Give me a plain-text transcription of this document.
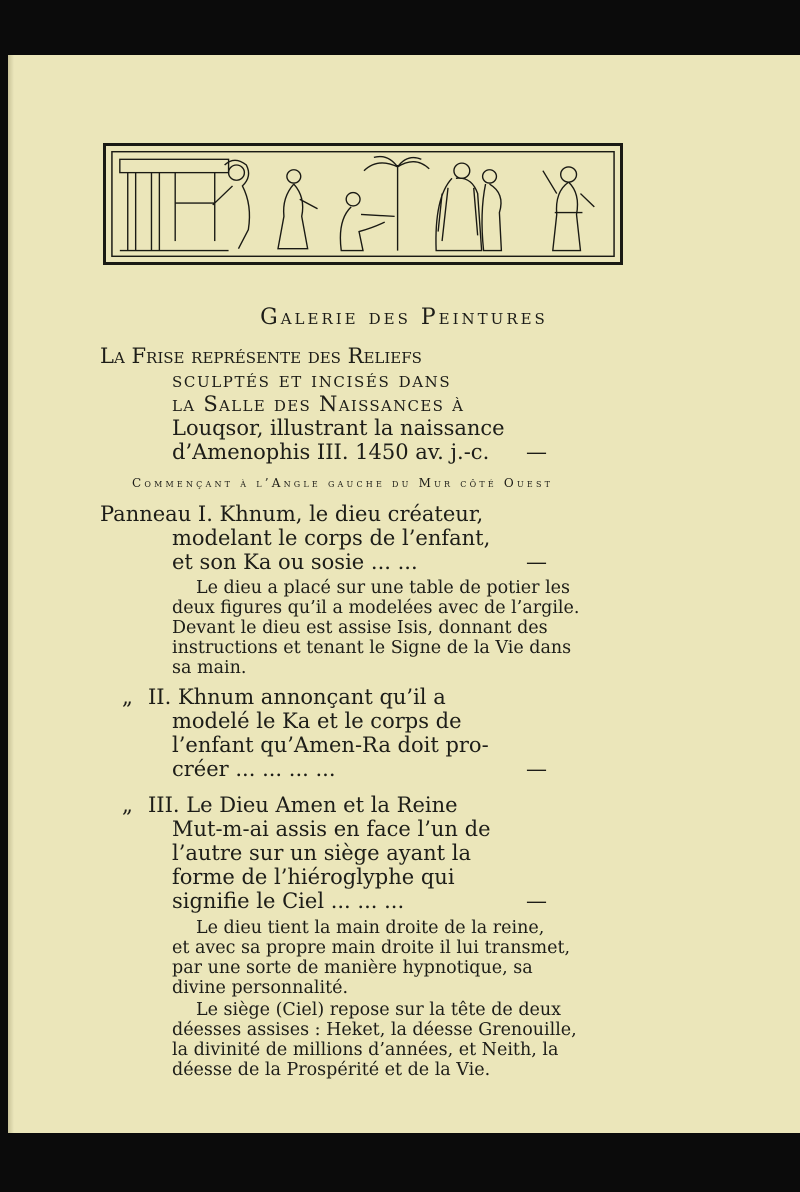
Galerie des Peintures
La Frise représente des Reliefs
sculptés et incisés dans
la Salle des Naissances à
Louqsor, illustrant la naissance
d’Amenophis III. 1450 av. j.-c. —
Commençant à l’Angle gauche du Mur côté Ouest
Panneau I. Khnum, le dieu créateur,
modelant le corps de l’enfant,
et son Ka ou sosie ... ...	—
Le dieu a placé sur une table de potier les
deux figures qu’il a modelées avec de l’argile.
Devant le dieu est assise Isis, donnant des
instructions et tenant le Signe de la Vie dans
sa main.
„ II. Khnum annonçant qu’il a
modelé le Ka et le corps de
l’enfant qu’Amen-Ra doit pro-
créer ... ... ... ...	—
„ III. Le Dieu Amen et la Reine
Mut-m-ai assis en face l’un de
l’autre sur un siège ayant la
forme de l’hiéroglyphe qui
signifie le Ciel ... ... ...	—
Le dieu tient la main droite de la reine,
et avec sa propre main droite il lui transmet,
par une sorte de manière hypnotique, sa
divine personnalité.
Le siège (Ciel) repose sur la tête de deux
déesses assises : Heket, la déesse Grenouille,
la divinité de millions d’années, et Neith, la
déesse de la Prospérité et de la Vie.
